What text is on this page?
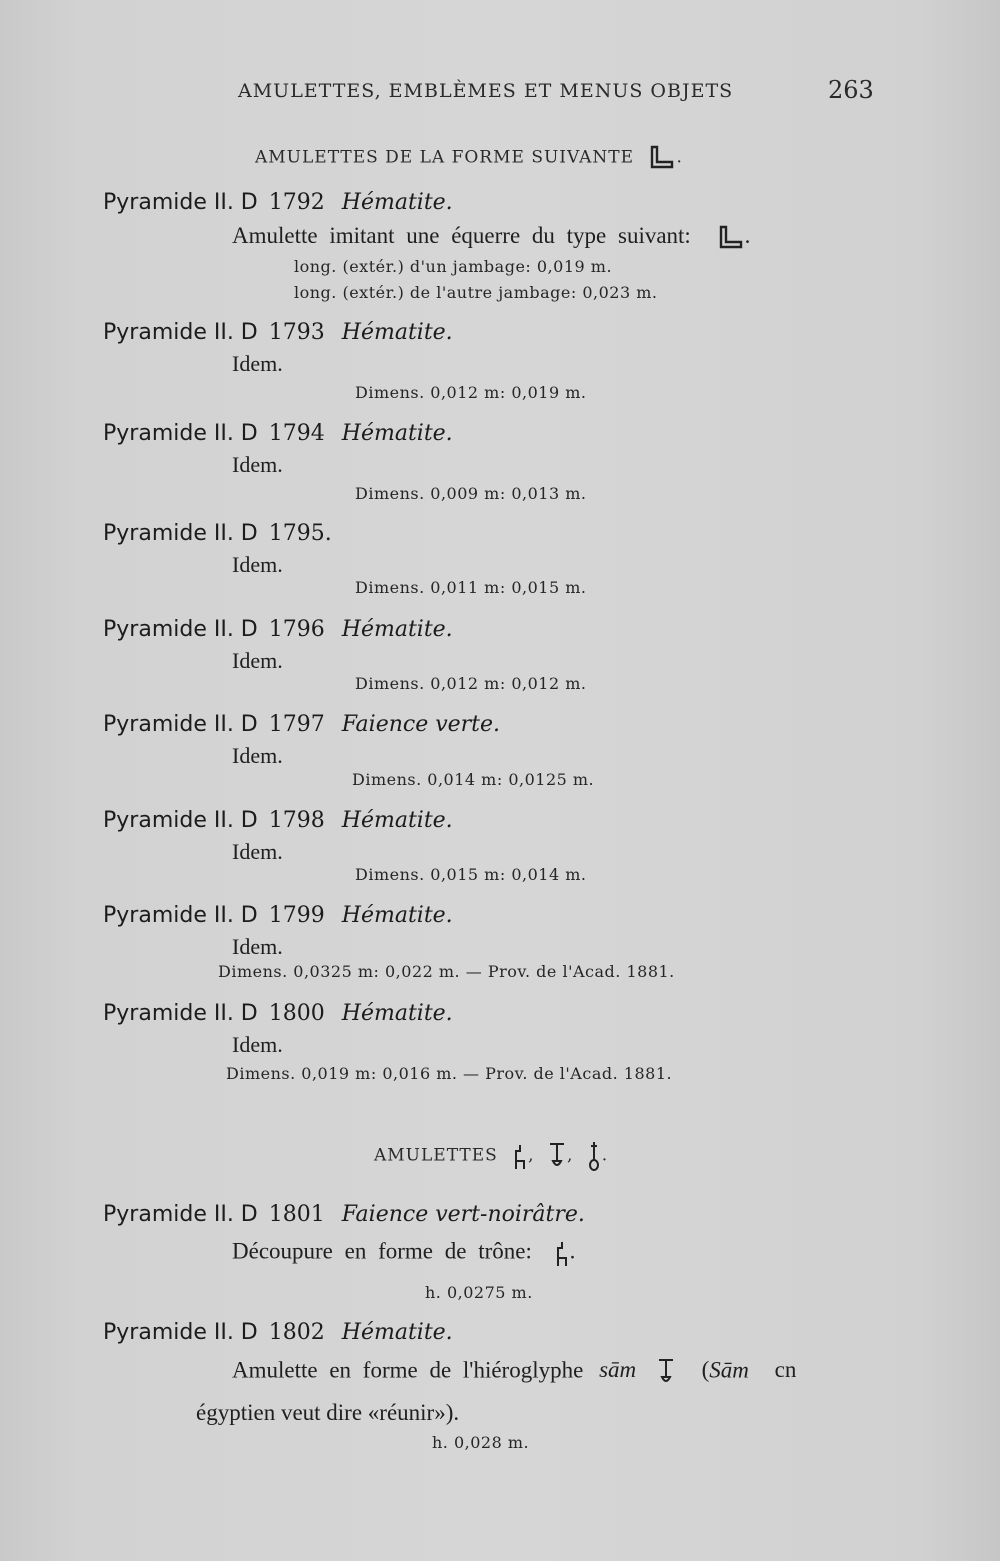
AMULETTES, EMBLÈMES ET MENUS OBJETS	263
AMULETTES DE LA FORME SUIVANTE .
Pyramide II. D 1792 Hématite.
Amulette imitant une équerre du type suivant: .
long. (extér.) d'un jambage: 0,019 m.
long. (extér.) de l'autre jambage: 0,023 m.
Pyramide II. D 1793 Hématite.
Idem.
Dimens. 0,012 m: 0,019 m.
Pyramide II. D 1794 Hématite.
Idem.
Dimens. 0,009 m: 0,013 m.
Pyramide II. D 1795.
Idem.
Dimens. 0,011 m: 0,015 m.
Pyramide II. D 1796 Hématite.
Idem.
Dimens. 0,012 m: 0,012 m.
Pyramide II. D 1797 Faience verte.
Idem.
Dimens. 0,014 m: 0,0125 m.
Pyramide II. D 1798 Hématite.
Idem.
Dimens. 0,015 m: 0,014 m.
Pyramide II. D 1799 Hématite.
Idem.
Dimens. 0,0325 m: 0,022 m. — Prov. de l'Acad. 1881.
Pyramide II. D 1800 Hématite.
Idem.
Dimens. 0,019 m: 0,016 m. — Prov. de l'Acad. 1881.
AMULETTES , , .
Pyramide II. D 1801 Faience vert-noirâtre.
Découpure en forme de trône: .
h. 0,0275 m.
Pyramide II. D 1802 Hématite.
Amulette en forme de l'hiéroglyphe sām	(Sām cn
égyptien veut dire «réunir»).
h. 0,028 m.
